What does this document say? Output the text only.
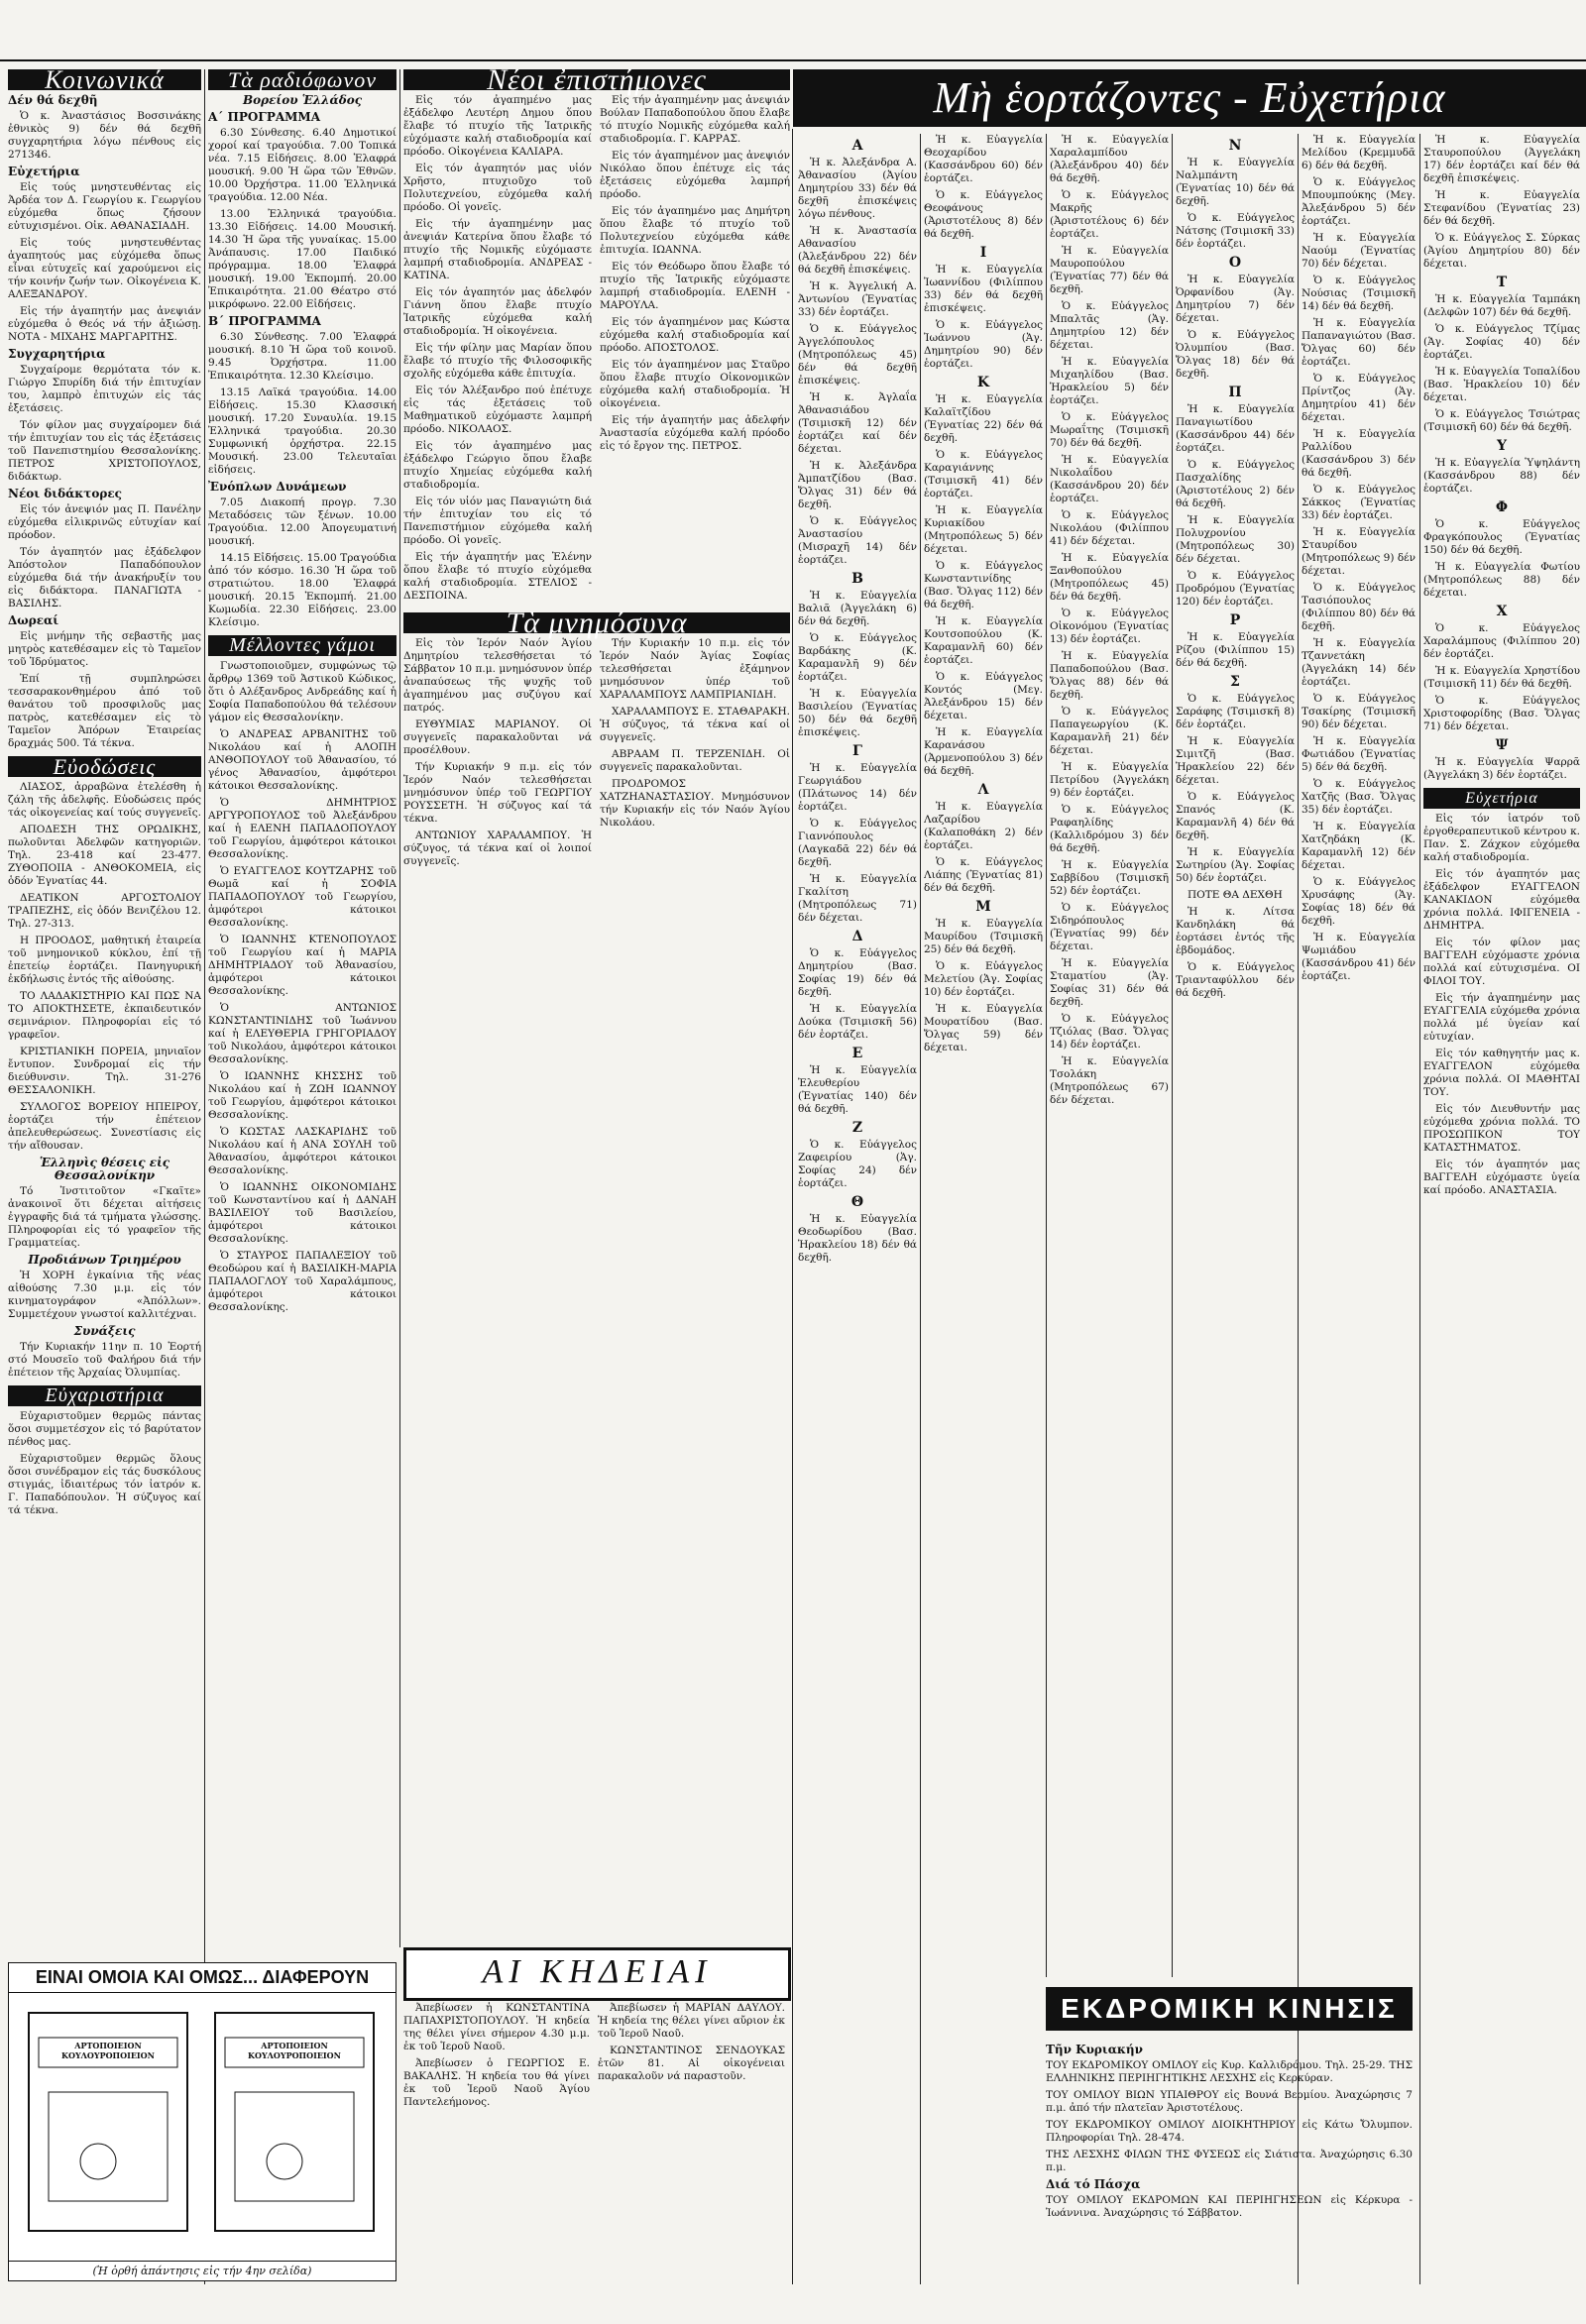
Κοινωνικά
Δέν θά δεχθῆ

Ὁ κ. Ἀναστάσιος Βοσσινάκης ἐθνικὸς 9) δέν θά δεχθῆ συγχαρητήρια λόγω πένθους εἰς 271346.

Εὐχετήρια

Εἰς τούς μνηστευθέντας εἰς Ἀρδέα τον Δ. Γεωργίου κ. Γεωργίου εὐχόμεθα ὅπως ζήσουν εὐτυχισμένοι. Οἰκ. ΑΘΑΝΑΣΙΑΔΗ.

Εἰς τούς μνηστευθέντας ἀγαπητούς μας εὐχόμεθα ὅπως εἶναι εὐτυχεῖς καί χαρούμενοι εἰς τήν κοινήν ζωήν των. Οἰκογένεια Κ. ΑΛΕΞΑΝΔΡΟΥ.

Εἰς τήν ἀγαπητήν μας ἀνεψιάν εὐχόμεθα ὁ Θεός νά τήν ἀξιώσῃ. ΝΟΤΑ - ΜΙΧΑΗΣ ΜΑΡΓΑΡΙΤΗΣ.

Συγχαρητήρια

Συγχαίρομε θερμότατα τόν κ. Γιώργο Σπυρίδη διά τήν ἐπιτυχίαν του, λαμπρὸ ἐπιτυχών εἰς τάς ἐξετάσεις.

Τόν φίλον μας συγχαίρομεν διά τήν ἐπιτυχίαν του εἰς τάς ἐξετάσεις τοῦ Πανεπιστημίου Θεσσαλονίκης. ΠΕΤΡΟΣ ΧΡΙΣΤΟΠΟΥΛΟΣ, διδάκτωρ.

Νέοι διδάκτορες

Εἰς τόν ἀνεψιόν μας Π. Πανέλην εὐχόμεθα εἰλικρινῶς εὐτυχίαν καί πρόοδον.

Τόν ἀγαπητόν μας ἐξάδελφον Ἀπόστολον Παπαδόπουλον εὐχόμεθα διά τήν ἀνακήρυξίν του εἰς διδάκτορα. ΠΑΝΑΓΙΩΤΑ - ΒΑΣΙΛΗΣ.

Δωρεαί

Εἰς μνήμην τῆς σεβαστῆς μας μητρὸς κατεθέσαμεν εἰς τὸ Ταμεῖον τοῦ Ἱδρύματος.

Ἐπί τῇ συμπληρώσει τεσσαρακονθημέρου ἀπό τοῦ θανάτου τοῦ προσφιλοῦς μας πατρὸς, κατεθέσαμεν εἰς τὸ Ταμεῖον Ἀπόρων Ἑταιρείας δραχμάς 500. Τά τέκνα.

Εὐοδώσεις

ΛΙΑΣΟΣ, ἀρραβῶνα ἐτελέσθη ἡ ζάλη τῆς ἀδελφῆς. Εὐοδώσεις πρός τάς οἰκογενείας καί τούς συγγενεῖς.

ΑΠΟΔΕΣΗ ΤΗΣ ΟΡΩΔΙΚΗΣ, πωλοῦνται Ἀδελφῶν κατηγοριῶν. Τηλ. 23-418 καί 23-477. ΖΥΘΟΠΟΙΙΑ - ΑΝΘΟΚΟΜΕΙΑ, εἰς ὁδόν Ἐγνατίας 44.

ΔΕΑΤΙΚΟΝ ΑΡΓΟΣΤΟΛΙΟΥ ΤΡΑΠΕΖΗΣ, εἰς ὁδόν Βενιζέλου 12. Τηλ. 27-313.

Η ΠΡΟΟΔΟΣ, μαθητική ἑταιρεία τοῦ μνημονικοῦ κύκλου, ἐπί τῇ ἐπετείῳ ἐορτάζει. Πανηγυρική ἐκδήλωσις ἐντός τῆς αἰθούσης.

ΤΟ ΛΑΔΑΚΙΣΤΗΡΙΟ ΚΑΙ ΠΩΣ ΝΑ ΤΟ ΑΠΟΚΤΗΣΕΤΕ, ἐκπαιδευτικόν σεμινάριον. Πληροφορίαι εἰς τό γραφεῖον.

ΚΡΙΣΤΙΑΝΙΚΗ ΠΟΡΕΙΑ, μηνιαῖον ἔντυπον. Συνδρομαί εἰς τήν διεύθυνσιν. Τηλ. 31-276 ΘΕΣΣΑΛΟΝΙΚΗ.

ΣΥΛΛΟΓΟΣ ΒΟΡΕΙΟΥ ΗΠΕΙΡΟΥ, ἑορτάζει τήν ἐπέτειον ἀπελευθερώσεως. Συνεστίασις εἰς τήν αἴθουσαν.

Ἑλληνὶς θέσεις εἰς Θεσσαλονίκην

Τό Ἰνστιτοῦτον «Γκαῖτε» ἀνακοινοῖ ὅτι δέχεται αἰτήσεις ἐγγραφῆς διά τά τμήματα γλώσσης. Πληροφορίαι εἰς τό γραφεῖον τῆς Γραμματείας.

Προδιάνων Τριημέρου

Ἡ ΧΟΡΗ ἐγκαίνια τῆς νέας αἰθούσης 7.30 μ.μ. εἰς τόν κινηματογράφον «Ἀπόλλων». Συμμετέχουν γνωστοί καλλιτέχναι.

Συνάξεις

Τήν Κυριακήν 11ην π. 10 Ἑορτή στό Μουσεῖο τοῦ Φαλήρου διά τήν ἐπέτειον τῆς Ἀρχαίας Ὀλυμπίας.

Εὐχαριστήρια

Εὐχαριστοῦμεν θερμῶς πάντας ὅσοι συμμετέσχον εἰς τό βαρύτατον πένθος μας.

Εὐχαριστοῦμεν θερμῶς ὅλους ὅσοι συνέδραμον εἰς τάς δυσκόλους στιγμάς, ἰδιαιτέρως τόν ἰατρόν κ. Γ. Παπαδόπουλον. Ἡ σύζυγος καί τά τέκνα.

Τὰ ραδιόφωνον
Βορείου Ἑλλάδος
Α΄ ΠΡΟΓΡΑΜΜΑ

6.30 Σύνθεσης. 6.40 Δημοτικοί χοροί καί τραγούδια. 7.00 Τοπικά νέα. 7.15 Εἰδήσεις. 8.00 Ἐλαφρά μουσική. 9.00 Ἡ ὥρα τῶν Ἐθνῶν. 10.00 Ὀρχήστρα. 11.00 Ἐλληνικά τραγούδια. 12.00 Νέα.

13.00 Ἐλληνικά τραγούδια. 13.30 Εἰδήσεις. 14.00 Μουσική. 14.30 Ἡ ὥρα τῆς γυναίκας. 15.00 Ἀνάπαυσις. 17.00 Παιδικό πρόγραμμα. 18.00 Ἐλαφρά μουσική. 19.00 Ἐκπομπή. 20.00 Ἐπικαιρότητα. 21.00 Θέατρο στό μικρόφωνο. 22.00 Εἰδήσεις.

Β΄ ΠΡΟΓΡΑΜΜΑ

6.30 Σύνθεσης. 7.00 Ἐλαφρά μουσική. 8.10 Ἡ ὥρα τοῦ κοινοῦ. 9.45 Ὀρχήστρα. 11.00 Ἐπικαιρότητα. 12.30 Κλείσιμο.

13.15 Λαϊκά τραγούδια. 14.00 Εἰδήσεις. 15.30 Κλασσική μουσική. 17.20 Συναυλία. 19.15 Ἐλληνικά τραγούδια. 20.30 Συμφωνική ὀρχήστρα. 22.15 Μουσική. 23.00 Τελευταῖαι εἰδήσεις.

Ἐνόπλων Δυνάμεων

7.05 Διακοπή προγρ. 7.30 Μεταδόσεις τῶν ξένων. 10.00 Τραγούδια. 12.00 Ἀπογευματινή μουσική.

14.15 Εἰδήσεις. 15.00 Τραγούδια ἀπό τόν κόσμο. 16.30 Ἡ ὥρα τοῦ στρατιώτου. 18.00 Ἐλαφρά μουσική. 20.15 Ἐκπομπή. 21.00 Κωμωδία. 22.30 Εἰδήσεις. 23.00 Κλείσιμο.

Μέλλοντες γάμοι

Γνωστοποιοῦμεν, συμφώνως τῷ ἄρθρῳ 1369 τοῦ Ἀστικοῦ Κώδικος, ὅτι ὁ Αλέξανδρος Ανδρεάδης καί ἡ Σοφία Παπαδοπούλου θά τελέσουν γάμον εἰς Θεσσαλονίκην.

Ὁ ΑΝΔΡΕΑΣ ΑΡΒΑΝΙΤΗΣ τοῦ Νικολάου καί ἡ ΑΛΟΠΗ ΑΝΘΟΠΟΥΛΟΥ τοῦ Ἀθανασίου, τό γένος Ἀθανασίου, ἀμφότεροι κάτοικοι Θεσσαλονίκης.

Ὁ ΔΗΜΗΤΡΙΟΣ ΑΡΓΥΡΟΠΟΥΛΟΣ τοῦ Ἀλεξάνδρου καί ἡ ΕΛΕΝΗ ΠΑΠΑΔΟΠΟΥΛΟΥ τοῦ Γεωργίου, ἀμφότεροι κάτοικοι Θεσσαλονίκης.

Ὁ ΕΥΑΓΓΕΛΟΣ ΚΟΥΤΖΑΡΗΣ τοῦ Θωμᾶ καί ἡ ΣΟΦΙΑ ΠΑΠΑΔΟΠΟΥΛΟΥ τοῦ Γεωργίου, ἀμφότεροι κάτοικοι Θεσσαλονίκης.

Ὁ ΙΩΑΝΝΗΣ ΚΤΕΝΟΠΟΥΛΟΣ τοῦ Γεωργίου καί ἡ ΜΑΡΙΑ ΔΗΜΗΤΡΙΑΔΟΥ τοῦ Ἀθανασίου, ἀμφότεροι κάτοικοι Θεσσαλονίκης.

Ὁ ΑΝΤΩΝΙΟΣ ΚΩΝΣΤΑΝΤΙΝΙΔΗΣ τοῦ Ἰωάννου καί ἡ ΕΛΕΥΘΕΡΙΑ ΓΡΗΓΟΡΙΑΔΟΥ τοῦ Νικολάου, ἀμφότεροι κάτοικοι Θεσσαλονίκης.

Ὁ ΙΩΑΝΝΗΣ ΚΗΣΣΗΣ τοῦ Νικολάου καί ἡ ΖΩΗ ΙΩΑΝΝΟΥ τοῦ Γεωργίου, ἀμφότεροι κάτοικοι Θεσσαλονίκης.

Ὁ ΚΩΣΤΑΣ ΛΑΣΚΑΡΙΔΗΣ τοῦ Νικολάου καί ἡ ΑΝΑ ΣΟΥΛΗ τοῦ Ἀθανασίου, ἀμφότεροι κάτοικοι Θεσσαλονίκης.

Ὁ ΙΩΑΝΝΗΣ ΟΙΚΟΝΟΜΙΔΗΣ τοῦ Κωνσταντίνου καί ἡ ΔΑΝΑΗ ΒΑΣΙΛΕΙΟΥ τοῦ Βασιλείου, ἀμφότεροι κάτοικοι Θεσσαλονίκης.

Ὁ ΣΤΑΥΡΟΣ ΠΑΠΑΛΕΞΙΟΥ τοῦ Θεοδώρου καί ἡ ΒΑΣΙΛΙΚΗ-ΜΑΡΙΑ ΠΑΠΑΛΟΓΛΟΥ τοῦ Χαραλάμπους, ἀμφότεροι κάτοικοι Θεσσαλονίκης.

Νέοι ἐπιστήμονες

Εἰς τόν ἀγαπημένο μας ἐξάδελφο Λευτέρη Δημου ὅπου ἔλαβε τό πτυχίο τῆς Ἰατρικῆς εὐχόμαστε καλή σταδιοδρομία καί πρόοδο. Οἰκογένεια ΚΑΛΙΑΡΑ.

Εἰς τόν ἀγαπητόν μας υἱόν Χρῆστο, πτυχιοῦχο τοῦ Πολυτεχνείου, εὐχόμεθα καλή πρόοδο. Οἱ γονεῖς.

Εἰς τήν ἀγαπημένην μας ἀνεψιάν Κατερίνα ὅπου ἔλαβε τό πτυχίο τῆς Νομικῆς εὐχόμαστε λαμπρή σταδιοδρομία. ΑΝΔΡΕΑΣ - ΚΑΤΙΝΑ.

Εἰς τόν ἀγαπητόν μας ἀδελφόν Γιάννη ὅπου ἔλαβε πτυχίο Ἰατρικῆς εὐχόμεθα καλή σταδιοδρομία. Ἡ οἰκογένεια.

Εἰς τήν φίλην μας Μαρίαν ὅπου ἔλαβε τό πτυχίο τῆς Φιλοσοφικῆς σχολῆς εὐχόμεθα κάθε ἐπιτυχία.

Εἰς τόν Ἀλέξανδρο πού ἐπέτυχε εἰς τάς ἐξετάσεις τοῦ Μαθηματικοῦ εὐχόμαστε λαμπρή πρόοδο. ΝΙΚΟΛΑΟΣ.

Εἰς τόν ἀγαπημένο μας ἐξάδελφο Γεώργιο ὅπου ἔλαβε πτυχίο Χημείας εὐχόμεθα καλή σταδιοδρομία.

Εἰς τόν υἱόν μας Παναγιώτη διά τήν ἐπιτυχίαν του εἰς τό Πανεπιστήμιον εὐχόμεθα καλή πρόοδο. Οἱ γονεῖς.

Εἰς τήν ἀγαπητήν μας Ἑλένην ὅπου ἔλαβε τό πτυχίο εὐχόμεθα καλή σταδιοδρομία. ΣΤΕΛΙΟΣ - ΔΕΣΠΟΙΝΑ.

Εἰς τήν ἀγαπημένην μας ἀνεψιάν Βούλαν Παπαδοπούλου ὅπου ἔλαβε τό πτυχίο Νομικῆς εὐχόμεθα καλή σταδιοδρομία. Γ. ΚΑΡΡΑΣ.

Εἰς τόν ἀγαπημένον μας ἀνεψιόν Νικόλαο ὅπου ἐπέτυχε εἰς τάς ἐξετάσεις εὐχόμεθα λαμπρή πρόοδο.

Εἰς τόν ἀγαπημένο μας Δημήτρη ὅπου ἔλαβε τό πτυχίο τοῦ Πολυτεχνείου εὐχόμεθα κάθε ἐπιτυχία. ΙΩΑΝΝΑ.

Εἰς τόν Θεόδωρο ὅπου ἔλαβε τό πτυχίο τῆς Ἰατρικῆς εὐχόμαστε λαμπρή σταδιοδρομία. ΕΛΕΝΗ - ΜΑΡΟΥΛΑ.

Εἰς τόν ἀγαπημένον μας Κώστα εὐχόμεθα καλή σταδιοδρομία καί πρόοδο. ΑΠΟΣΤΟΛΟΣ.

Εἰς τόν ἀγαπημένον μας Σταῦρο ὅπου ἔλαβε πτυχίο Οἰκονομικῶν εὐχόμεθα καλή σταδιοδρομία. Ἡ οἰκογένεια.

Εἰς τήν ἀγαπητήν μας ἀδελφήν Ἀναστασία εὐχόμεθα καλή πρόοδο εἰς τό ἔργον της. ΠΕΤΡΟΣ.

Τὰ μνημόσυνα

Εἰς τὸν Ἱερόν Ναόν Ἁγίου Δημητρίου τελεσθήσεται τό Σάββατον 10 π.μ. μνημόσυνον ὑπέρ ἀναπαύσεως τῆς ψυχῆς τοῦ ἀγαπημένου μας συζύγου καί πατρός.

ΕΥΘΥΜΙΑΣ ΜΑΡΙΑΝΟΥ. Οἱ συγγενεῖς παρακαλοῦνται νά προσέλθουν.

Τήν Κυριακήν 9 π.μ. εἰς τόν Ἱερόν Ναόν τελεσθήσεται μνημόσυνον ὑπέρ τοῦ ΓΕΩΡΓΙΟΥ ΡΟΥΣΣΕΤΗ. Ἡ σύζυγος καί τά τέκνα.

ΑΝΤΩΝΙΟΥ ΧΑΡΑΛΑΜΠΟΥ. Ἡ σύζυγος, τά τέκνα καί οἱ λοιποί συγγενεῖς.

Τήν Κυριακήν 10 π.μ. εἰς τόν Ἱερόν Ναόν Ἁγίας Σοφίας τελεσθήσεται ἑξάμηνον μνημόσυνον ὑπέρ τοῦ ΧΑΡΑΛΑΜΠΟΥΣ ΛΑΜΠΡΙΑΝΙΔΗ.

ΧΑΡΑΛΑΜΠΟΥΣ Ε. ΣΤΑΘΑΡΑΚΗ. Ἡ σύζυγος, τά τέκνα καί οἱ συγγενεῖς.

ΑΒΡΑΑΜ Π. ΤΕΡΖΕΝΙΔΗ. Οἱ συγγενεῖς παρακαλοῦνται.

ΠΡΟΔΡΟΜΟΣ ΧΑΤΖΗΑΝΑΣΤΑΣΙΟΥ. Μνημόσυνον τήν Κυριακήν εἰς τόν Ναόν Ἁγίου Νικολάου.

ΑΙ ΚΗΔΕΙΑΙ

Ἀπεβίωσεν ἡ ΚΩΝΣΤΑΝΤΙΝΑ ΠΑΠΑΧΡΙΣΤΟΠΟΥΛΟΥ. Ἡ κηδεία της θέλει γίνει σήμερον 4.30 μ.μ. ἐκ τοῦ Ἱεροῦ Ναοῦ.

Ἀπεβίωσεν ὁ ΓΕΩΡΓΙΟΣ Ε. ΒΑΚΑΛΗΣ. Ἡ κηδεία του θά γίνει ἐκ τοῦ Ἱεροῦ Ναοῦ Ἁγίου Παντελεήμονος.

Ἀπεβίωσεν ἡ ΜΑΡΙΑΝ ΔΑΥΛΟΥ. Ἡ κηδεία της θέλει γίνει αὔριον ἐκ τοῦ Ἱεροῦ Ναοῦ.

ΚΩΝΣΤΑΝΤΙΝΟΣ ΣΕΝΔΟΥΚΑΣ ἐτῶν 81. Αἱ οἰκογένειαι παρακαλοῦν νά παραστοῦν.

ΕΙΝΑΙ ΟΜΟΙΑ ΚΑΙ ΟΜΩΣ... ΔΙΑΦΕΡΟΥΝ
ΑΡΤΟΠΟΙΕΙΟΝ ΚΟΥΛΟΥΡΟΠΟΙΕΙΟΝ
ΑΡΤΟΠΟΙΕΙΟΝ ΚΟΥΛΟΥΡΟΠΟΙΕΙΟΝ
(Ἡ ὀρθή ἀπάντησις εἰς τήν 4ην σελίδα)
Μὴ ἑορτάζοντες - Εὐχετήρια
Α

Ἡ κ. Ἀλεξάνδρα Α. Ἀθανασίου (Ἀγίου Δημητρίου 33) δέν θά δεχθῆ ἐπισκέψεις λόγω πένθους.

Ἡ κ. Ἀναστασία Αθανασίου (Ἀλεξάνδρου 22) δέν θά δεχθῆ ἐπισκέψεις.

Ἡ κ. Ἀγγελική Α. Ἀντωνίου (Ἐγνατίας 33) δέν ἑορτάζει.

Ὁ κ. Εὐάγγελος Ἀγγελόπουλος (Μητροπόλεως 45) δέν θά δεχθῆ ἐπισκέψεις.

Ἡ κ. Ἀγλαΐα Ἀθανασιάδου (Τσιμισκῆ 12) δέν ἑορτάζει καί δέν δέχεται.

Ἡ κ. Ἀλεξάνδρα Ἀμπατζίδου (Βασ. Ὄλγας 31) δέν θά δεχθῆ.

Ὁ κ. Εὐάγγελος Ἀναστασίου (Μισραχῆ 14) δέν ἑορτάζει.

Β

Ἡ κ. Εὐαγγελία Βαλιᾶ (Ἀγγελάκη 6) δέν θά δεχθῆ.

Ὁ κ. Εὐάγγελος Βαρδάκης (Κ. Καραμανλῆ 9) δέν ἑορτάζει.

Ἡ κ. Εὐαγγελία Βασιλείου (Ἐγνατίας 50) δέν θά δεχθῆ ἐπισκέψεις.

Γ

Ἡ κ. Εὐαγγελία Γεωργιάδου (Πλάτωνος 14) δέν ἑορτάζει.

Ὁ κ. Εὐάγγελος Γιαννόπουλος (Λαγκαδᾶ 22) δέν θά δεχθῆ.

Ἡ κ. Εὐαγγελία Γκαλίτση (Μητροπόλεως 71) δέν δέχεται.

Δ

Ὁ κ. Εὐάγγελος Δημητρίου (Βασ. Σοφίας 19) δέν θά δεχθῆ.

Ἡ κ. Εὐαγγελία Δούκα (Τσιμισκῆ 56) δέν ἑορτάζει.

Ε

Ἡ κ. Εὐαγγελία Ἐλευθερίου (Ἐγνατίας 140) δέν θά δεχθῆ.

Ζ

Ὁ κ. Εὐάγγελος Ζαφειρίου (Ἁγ. Σοφίας 24) δέν ἑορτάζει.

Θ

Ἡ κ. Εὐαγγελία Θεοδωρίδου (Βασ. Ἡρακλείου 18) δέν θά δεχθῆ.

Ἡ κ. Εὐαγγελία Θεοχαρίδου (Κασσάνδρου 60) δέν ἑορτάζει.

Ὁ κ. Εὐάγγελος Θεοφάνους (Ἀριστοτέλους 8) δέν θά δεχθῆ.

Ι

Ἡ κ. Εὐαγγελία Ἰωαννίδου (Φιλίππου 33) δέν θά δεχθῆ ἐπισκέψεις.

Ὁ κ. Εὐάγγελος Ἰωάννου (Ἁγ. Δημητρίου 90) δέν ἑορτάζει.

Κ

Ἡ κ. Εὐαγγελία Καλαϊτζίδου (Ἐγνατίας 22) δέν θά δεχθῆ.

Ὁ κ. Εὐάγγελος Καραγιάννης (Τσιμισκῆ 41) δέν ἑορτάζει.

Ἡ κ. Εὐαγγελία Κυριακίδου (Μητροπόλεως 5) δέν δέχεται.

Ὁ κ. Εὐάγγελος Κωνσταντινίδης (Βασ. Ὄλγας 112) δέν θά δεχθῆ.

Ἡ κ. Εὐαγγελία Κουτσοπούλου (Κ. Καραμανλῆ 60) δέν ἑορτάζει.

Ὁ κ. Εὐάγγελος Κοντός (Μεγ. Ἀλεξάνδρου 15) δέν δέχεται.

Ἡ κ. Εὐαγγελία Καρανάσου (Ἀρμενοπούλου 3) δέν θά δεχθῆ.

Λ

Ἡ κ. Εὐαγγελία Λαζαρίδου (Καλαποθάκη 2) δέν ἑορτάζει.

Ὁ κ. Εὐάγγελος Λιάπης (Ἐγνατίας 81) δέν θά δεχθῆ.

Μ

Ἡ κ. Εὐαγγελία Μαυρίδου (Τσιμισκῆ 25) δέν θά δεχθῆ.

Ὁ κ. Εὐάγγελος Μελετίου (Ἁγ. Σοφίας 10) δέν ἑορτάζει.

Ἡ κ. Εὐαγγελία Μουρατίδου (Βασ. Ὄλγας 59) δέν δέχεται.

Ἡ κ. Εὐαγγελία Χαραλαμπίδου (Ἀλεξάνδρου 40) δέν θά δεχθῆ.

Ὁ κ. Εὐάγγελος Μακρῆς (Ἀριστοτέλους 6) δέν ἑορτάζει.

Ἡ κ. Εὐαγγελία Μαυροπούλου (Ἐγνατίας 77) δέν θά δεχθῆ.

Ὁ κ. Εὐάγγελος Μπαλτᾶς (Ἁγ. Δημητρίου 12) δέν δέχεται.

Ἡ κ. Εὐαγγελία Μιχαηλίδου (Βασ. Ἡρακλείου 5) δέν ἑορτάζει.

Ὁ κ. Εὐάγγελος Μωραΐτης (Τσιμισκῆ 70) δέν θά δεχθῆ.

Ἡ κ. Εὐαγγελία Νικολαΐδου (Κασσάνδρου 20) δέν ἑορτάζει.

Ὁ κ. Εὐάγγελος Νικολάου (Φιλίππου 41) δέν δέχεται.

Ἡ κ. Εὐαγγελία Ξανθοπούλου (Μητροπόλεως 45) δέν θά δεχθῆ.

Ὁ κ. Εὐάγγελος Οἰκονόμου (Ἐγνατίας 13) δέν ἑορτάζει.

Ἡ κ. Εὐαγγελία Παπαδοπούλου (Βασ. Ὄλγας 88) δέν θά δεχθῆ.

Ὁ κ. Εὐάγγελος Παπαγεωργίου (Κ. Καραμανλῆ 21) δέν δέχεται.

Ἡ κ. Εὐαγγελία Πετρίδου (Ἀγγελάκη 9) δέν ἑορτάζει.

Ὁ κ. Εὐάγγελος Ραφαηλίδης (Καλλιδρόμου 3) δέν θά δεχθῆ.

Ἡ κ. Εὐαγγελία Σαββίδου (Τσιμισκῆ 52) δέν ἑορτάζει.

Ὁ κ. Εὐάγγελος Σιδηρόπουλος (Ἐγνατίας 99) δέν δέχεται.

Ἡ κ. Εὐαγγελία Σταματίου (Ἁγ. Σοφίας 31) δέν θά δεχθῆ.

Ὁ κ. Εὐάγγελος Τζιόλας (Βασ. Ὄλγας 14) δέν ἑορτάζει.

Ἡ κ. Εὐαγγελία Τσολάκη (Μητροπόλεως 67) δέν δέχεται.

Ν

Ἡ κ. Εὐαγγελία Ναλμπάντη (Ἐγνατίας 10) δέν θά δεχθῆ.

Ὁ κ. Εὐάγγελος Νάτσης (Τσιμισκῆ 33) δέν ἑορτάζει.

Ο

Ἡ κ. Εὐαγγελία Ὀρφανίδου (Ἁγ. Δημητρίου 7) δέν δέχεται.

Ὁ κ. Εὐάγγελος Ὀλυμπίου (Βασ. Ὄλγας 18) δέν θά δεχθῆ.

Π

Ἡ κ. Εὐαγγελία Παναγιωτίδου (Κασσάνδρου 44) δέν ἑορτάζει.

Ὁ κ. Εὐάγγελος Πασχαλίδης (Ἀριστοτέλους 2) δέν θά δεχθῆ.

Ἡ κ. Εὐαγγελία Πολυχρονίου (Μητροπόλεως 30) δέν δέχεται.

Ὁ κ. Εὐάγγελος Προδρόμου (Ἐγνατίας 120) δέν ἑορτάζει.

Ρ

Ἡ κ. Εὐαγγελία Ρίζου (Φιλίππου 15) δέν θά δεχθῆ.

Σ

Ὁ κ. Εὐάγγελος Σαράφης (Τσιμισκῆ 8) δέν ἑορτάζει.

Ἡ κ. Εὐαγγελία Σιμιτζῆ (Βασ. Ἡρακλείου 22) δέν δέχεται.

Ὁ κ. Εὐάγγελος Σπανός (Κ. Καραμανλῆ 4) δέν θά δεχθῆ.

Ἡ κ. Εὐαγγελία Σωτηρίου (Ἁγ. Σοφίας 50) δέν ἑορτάζει.

ΠΟΤΕ ΘΑ ΔΕΧΘΗ

Ἡ κ. Λίτσα Κανδηλάκη θά ἑορτάσει ἐντός τῆς ἑβδομάδος.

Ὁ κ. Εὐάγγελος Τριανταφύλλου δέν θά δεχθῆ.

Ἡ κ. Εὐαγγελία Μελίδου (Κρεμμυδᾶ 6) δέν θά δεχθῆ.

Ὁ κ. Εὐάγγελος Μπουμπούκης (Μεγ. Ἀλεξάνδρου 5) δέν ἑορτάζει.

Ἡ κ. Εὐαγγελία Ναούμ (Ἐγνατίας 70) δέν δέχεται.

Ὁ κ. Εὐάγγελος Νούσιας (Τσιμισκῆ 14) δέν θά δεχθῆ.

Ἡ κ. Εὐαγγελία Παπαναγιώτου (Βασ. Ὄλγας 60) δέν ἑορτάζει.

Ὁ κ. Εὐάγγελος Πρίντζος (Ἁγ. Δημητρίου 41) δέν δέχεται.

Ἡ κ. Εὐαγγελία Ραλλίδου (Κασσάνδρου 3) δέν θά δεχθῆ.

Ὁ κ. Εὐάγγελος Σάκκος (Ἐγνατίας 33) δέν ἑορτάζει.

Ἡ κ. Εὐαγγελία Σταυρίδου (Μητροπόλεως 9) δέν δέχεται.

Ὁ κ. Εὐάγγελος Τασιόπουλος (Φιλίππου 80) δέν θά δεχθῆ.

Ἡ κ. Εὐαγγελία Τζαννετάκη (Ἀγγελάκη 14) δέν ἑορτάζει.

Ὁ κ. Εὐάγγελος Τσακίρης (Τσιμισκῆ 90) δέν δέχεται.

Ἡ κ. Εὐαγγελία Φωτιάδου (Ἐγνατίας 5) δέν θά δεχθῆ.

Ὁ κ. Εὐάγγελος Χατζῆς (Βασ. Ὄλγας 35) δέν ἑορτάζει.

Ἡ κ. Εὐαγγελία Χατζηδάκη (Κ. Καραμανλῆ 12) δέν δέχεται.

Ὁ κ. Εὐάγγελος Χρυσάφης (Ἁγ. Σοφίας 18) δέν θά δεχθῆ.

Ἡ κ. Εὐαγγελία Ψωμιάδου (Κασσάνδρου 41) δέν ἑορτάζει.

Ἡ κ. Εὐαγγελία Σταυροπούλου (Ἀγγελάκη 17) δέν ἑορτάζει καί δέν θά δεχθῆ ἐπισκέψεις.

Ἡ κ. Εὐαγγελία Στεφανίδου (Ἐγνατίας 23) δέν θά δεχθῆ.

Ὁ κ. Εὐάγγελος Σ. Σύρκας (Ἀγίου Δημητρίου 80) δέν δέχεται.

Τ

Ἡ κ. Εὐαγγελία Ταμπάκη (Δελφῶν 107) δέν θά δεχθῆ.

Ὁ κ. Εὐάγγελος Τζίμας (Ἁγ. Σοφίας 40) δέν ἑορτάζει.

Ἡ κ. Εὐαγγελία Τοπαλίδου (Βασ. Ἡρακλείου 10) δέν δέχεται.

Ὁ κ. Εὐάγγελος Τσιώτρας (Τσιμισκῆ 60) δέν θά δεχθῆ.

Υ

Ἡ κ. Εὐαγγελία Ὑψηλάντη (Κασσάνδρου 88) δέν ἑορτάζει.

Φ

Ὁ κ. Εὐάγγελος Φραγκόπουλος (Ἐγνατίας 150) δέν θά δεχθῆ.

Ἡ κ. Εὐαγγελία Φωτίου (Μητροπόλεως 88) δέν δέχεται.

Χ

Ὁ κ. Εὐάγγελος Χαραλάμπους (Φιλίππου 20) δέν ἑορτάζει.

Ἡ κ. Εὐαγγελία Χρηστίδου (Τσιμισκῆ 11) δέν θά δεχθῆ.

Ὁ κ. Εὐάγγελος Χριστοφορίδης (Βασ. Ὄλγας 71) δέν δέχεται.

Ψ

Ἡ κ. Εὐαγγελία Ψαρρᾶ (Ἀγγελάκη 3) δέν ἑορτάζει.

Εὐχετήρια

Εἰς τόν ἰατρόν τοῦ ἐργοθεραπευτικοῦ κέντρου κ. Παν. Σ. Ζάχκον εὐχόμεθα καλή σταδιοδρομία.

Εἰς τόν ἀγαπητόν μας ἐξάδελφον ΕΥΑΓΓΕΛΟΝ ΚΑΝΑΚΙΔΟΝ εὐχόμεθα χρόνια πολλά. ΙΦΙΓΕΝΕΙΑ - ΔΗΜΗΤΡΑ.

Εἰς τόν φίλον μας ΒΑΓΓΕΛΗ εὐχόμαστε χρόνια πολλά καί εὐτυχισμένα. ΟΙ ΦΙΛΟΙ ΤΟΥ.

Εἰς τήν ἀγαπημένην μας ΕΥΑΓΓΕΛΙΑ εὐχόμεθα χρόνια πολλά μέ ὑγείαν καί εὐτυχίαν.

Εἰς τόν καθηγητήν μας κ. ΕΥΑΓΓΕΛΟΝ εὐχόμεθα χρόνια πολλά. ΟΙ ΜΑΘΗΤΑΙ ΤΟΥ.

Εἰς τόν Διευθυντήν μας εὐχόμεθα χρόνια πολλά. ΤΟ ΠΡΟΣΩΠΙΚΟΝ ΤΟΥ ΚΑΤΑΣΤΗΜΑΤΟΣ.

Εἰς τόν ἀγαπητόν μας ΒΑΓΓΕΛΗ εὐχόμαστε ὑγεία καί πρόοδο. ΑΝΑΣΤΑΣΙΑ.

ΕΚΔΡΟΜΙΚΗ ΚΙΝΗΣΙΣ
Τῆν Κυριακήν

ΤΟΥ ΕΚΔΡΟΜΙΚΟΥ ΟΜΙΛΟΥ εἰς Κυρ. Καλλιδρόμου. Τηλ. 25-29. ΤΗΣ ΕΛΛΗΝΙΚΗΣ ΠΕΡΙΗΓΗΤΙΚΗΣ ΛΕΣΧΗΣ εἰς Κερκύραν.

ΤΟΥ ΟΜΙΛΟΥ ΒΙΩΝ ΥΠΑΙΘΡΟΥ εἰς Βουνά Βερμίου. Ἀναχώρησις 7 π.μ. ἀπό τήν πλατεῖαν Ἀριστοτέλους.

ΤΟΥ ΕΚΔΡΟΜΙΚΟΥ ΟΜΙΛΟΥ ΔΙΟΙΚΗΤΗΡΙΟΥ εἰς Κάτω Ὄλυμπον. Πληροφορίαι Τηλ. 28-474.

ΤΗΣ ΛΕΣΧΗΣ ΦΙΛΩΝ ΤΗΣ ΦΥΣΕΩΣ εἰς Σιάτιστα. Ἀναχώρησις 6.30 π.μ.

Διά τό Πάσχα

ΤΟΥ ΟΜΙΛΟΥ ΕΚΔΡΟΜΩΝ ΚΑΙ ΠΕΡΙΗΓΗΣΕΩΝ εἰς Κέρκυρα - Ἰωάννινα. Ἀναχώρησις τό Σάββατον.
